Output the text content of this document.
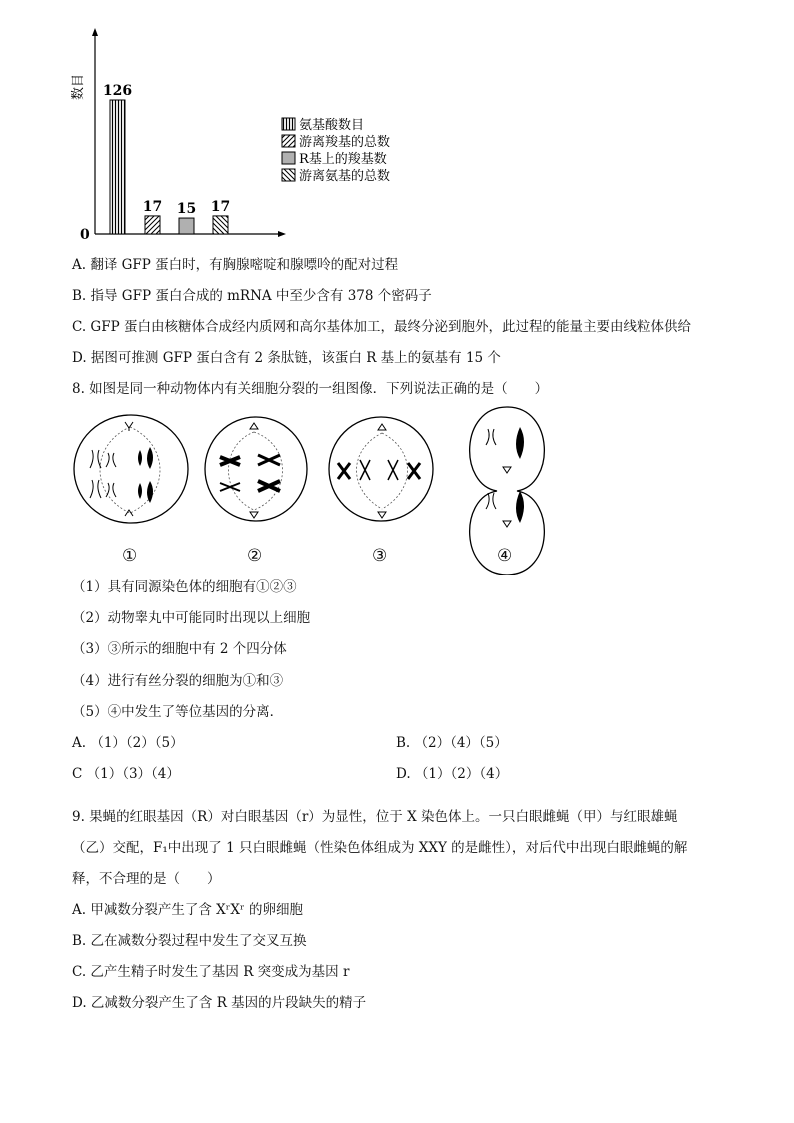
数目
0
126
17 15 17
氨基酸数目
游离羧基的总数
R基上的羧基数
游离氨基的总数
A. 翻译 GFP 蛋白时，有胸腺嘧啶和腺嘌呤的配对过程
B. 指导 GFP 蛋白合成的 mRNA 中至少含有 378 个密码子
C. GFP 蛋白由核糖体合成经内质网和高尔基体加工，最终分泌到胞外，此过程的能量主要由线粒体供给
D. 据图可推测 GFP 蛋白含有 2 条肽链，该蛋白 R 基上的氨基有 15 个
8. 如图是同一种动物体内有关细胞分裂的一组图像．下列说法正确的是（　　）
①	②	③	④
（1）具有同源染色体的细胞有①②③
（2）动物睾丸中可能同时出现以上细胞
（3）③所示的细胞中有 2 个四分体
（4）进行有丝分裂的细胞为①和③
（5）④中发生了等位基因的分离．
A. （1）（2）（5）	B. （2）（4）（5）
C （1）（3）（4）	D. （1）（2）（4）
9. 果蝇的红眼基因（R）对白眼基因（r）为显性，位于 X 染色体上。一只白眼雌蝇（甲）与红眼雄蝇
（乙）交配，F₁中出现了 1 只白眼雌蝇（性染色体组成为 XXY 的是雌性），对后代中出现白眼雌蝇的解
释，不合理的是（　　）
A. 甲减数分裂产生了含 XʳXʳ 的卵细胞
B. 乙在减数分裂过程中发生了交叉互换
C. 乙产生精子时发生了基因 R 突变成为基因 r
D. 乙减数分裂产生了含 R 基因的片段缺失的精子
